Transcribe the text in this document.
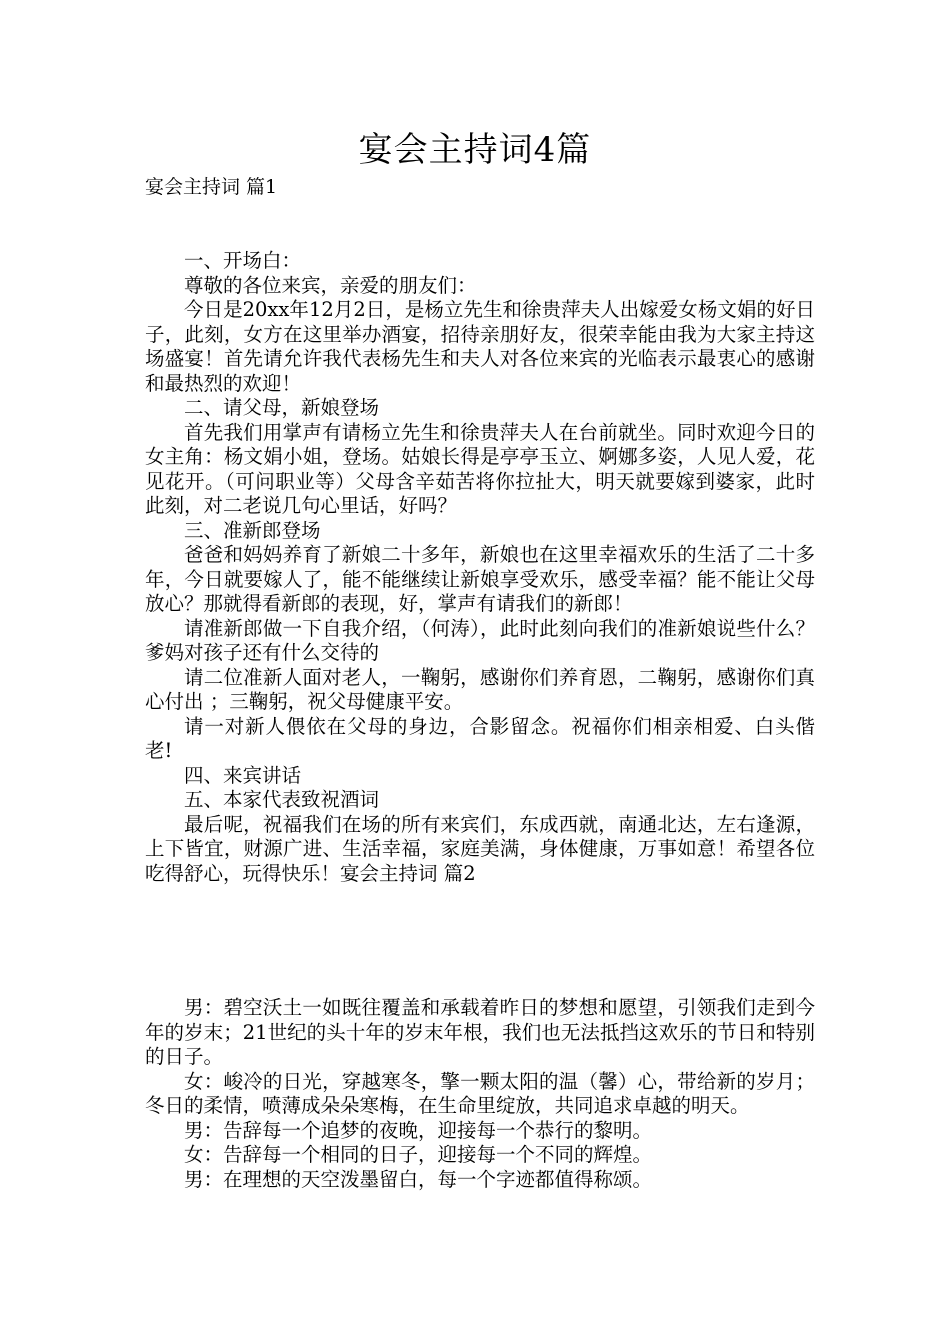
宴会主持词4篇
宴会主持词 篇1

一、开场白：

尊敬的各位来宾，亲爱的朋友们：

今日是20xx年12月2日，是杨立先生和徐贵萍夫人出嫁爱女杨文娟的好日子，此刻，女方在这里举办酒宴，招待亲朋好友，很荣幸能由我为大家主持这场盛宴！首先请允许我代表杨先生和夫人对各位来宾的光临表示最衷心的感谢和最热烈的欢迎！

二、请父母，新娘登场

首先我们用掌声有请杨立先生和徐贵萍夫人在台前就坐。同时欢迎今日的女主角：杨文娟小姐，登场。姑娘长得是亭亭玉立、婀娜多姿，人见人爱，花见花开。（可问职业等）父母含辛茹苦将你拉扯大，明天就要嫁到婆家，此时此刻，对二老说几句心里话，好吗？

三、准新郎登场

爸爸和妈妈养育了新娘二十多年，新娘也在这里幸福欢乐的生活了二十多年，今日就要嫁人了，能不能继续让新娘享受欢乐，感受幸福？能不能让父母放心？那就得看新郎的表现，好，掌声有请我们的新郎！

请准新郎做一下自我介绍，（何涛），此时此刻向我们的准新娘说些什么？爹妈对孩子还有什么交待的

请二位准新人面对老人，一鞠躬，感谢你们养育恩，二鞠躬，感谢你们真心付出 ；三鞠躬，祝父母健康平安。

请一对新人偎依在父母的身边，合影留念。祝福你们相亲相爱、白头偕老!

四、来宾讲话

五、本家代表致祝酒词

最后呢，祝福我们在场的所有来宾们，东成西就，南通北达，左右逢源，上下皆宜，财源广进、生活幸福，家庭美满，身体健康，万事如意！希望各位吃得舒心，玩得快乐！宴会主持词 篇2

男：碧空沃土一如既往覆盖和承载着昨日的梦想和愿望，引领我们走到今年的岁末；21世纪的头十年的岁末年根，我们也无法抵挡这欢乐的节日和特别的日子。

女：峻冷的日光，穿越寒冬，擎一颗太阳的温（馨）心，带给新的岁月；冬日的柔情，喷薄成朵朵寒梅，在生命里绽放，共同追求卓越的明天。

男：告辞每一个追梦的夜晚，迎接每一个恭行的黎明。

女：告辞每一个相同的日子，迎接每一个不同的辉煌。

男：在理想的天空泼墨留白，每一个字迹都值得称颂。
